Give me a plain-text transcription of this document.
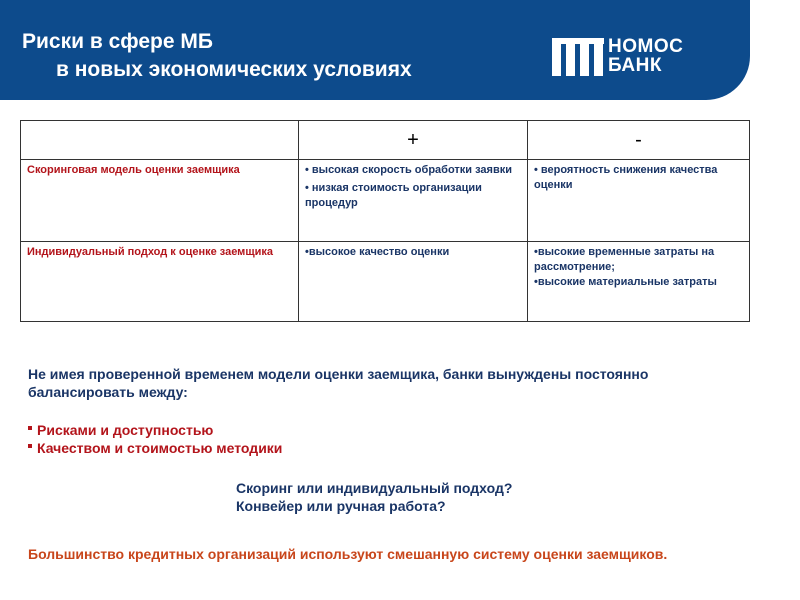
Риски в сфере МБ
в новых экономических условиях
НОМОС
БАНК
	+	-
Скоринговая модель оценки заемщика	• высокая скорость обработки заявки
• низкая стоимость организации процедур	• вероятность снижения качества оценки

Индивидуальный подход к оценке заемщика	•высокое качество оценки	•высокие временные затраты на рассмотрение;
•высокие материальные затраты
Не имея проверенной временем модели оценки заемщика, банки вынуждены постоянно
балансировать между:
Рисками и доступностью
Качеством и стоимостью методики
Скоринг или индивидуальный подход?
Конвейер или ручная работа?
Большинство кредитных организаций используют смешанную систему оценки заемщиков.
